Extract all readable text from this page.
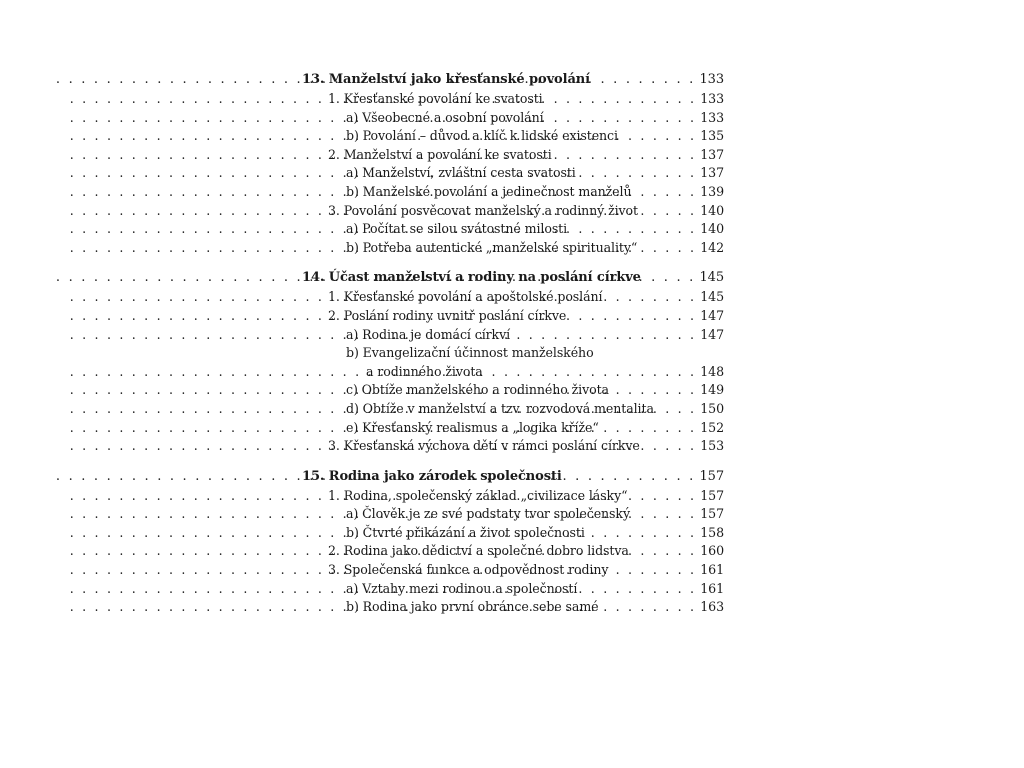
13. Manželství jako křesťanské povolání . . .	133
1. Křesťanské povolání ke svatosti . . .	133
a) Všeobecné a osobní povolání . . .	133
b) Povolání – důvod a klíč k lidské existenci . . .	135
2. Manželství a povolání ke svatosti . . .	137
a) Manželství, zvláštní cesta svatosti . . .	137
b) Manželské povolání a jedinečnost manželů . . .	139
3. Povolání posvěcovat manželský a rodinný život . . .	140
a) Počítat se silou svátostné milosti . . .	140
b) Potřeba autentické „manželské spirituality“ . . .	142
14. Účast manželství a rodiny na poslání církve . . .	145
1. Křesťanské povolání a apoštolské poslání . . .	145
2. Poslání rodiny uvnitř poslání církve . . .	147
a) Rodina je domácí církví . . .	147
b) Evangelizační účinnost manželského
a rodinného života . . .	148
c) Obtíže manželského a rodinného života . . .	149
d) Obtíže v manželství a tzv. rozvodová mentalita . . .	150
e) Křesťanský realismus a „logika kříže“ . . .	152
3. Křesťanská výchova dětí v rámci poslání církve . . .	153
15. Rodina jako zárodek společnosti . . .	157
1. Rodina, společenský základ „civilizace lásky“ . . .	157
a) Člověk je ze své podstaty tvor společenský . . .	157
b) Čtvrté přikázání a život společnosti . . .	158
2. Rodina jako dědictví a společné dobro lidstva . . .	160
3. Společenská funkce a odpovědnost rodiny . . .	161
a) Vztahy mezi rodinou a společností . . .	161
b) Rodina jako první obránce sebe samé . . .	163
